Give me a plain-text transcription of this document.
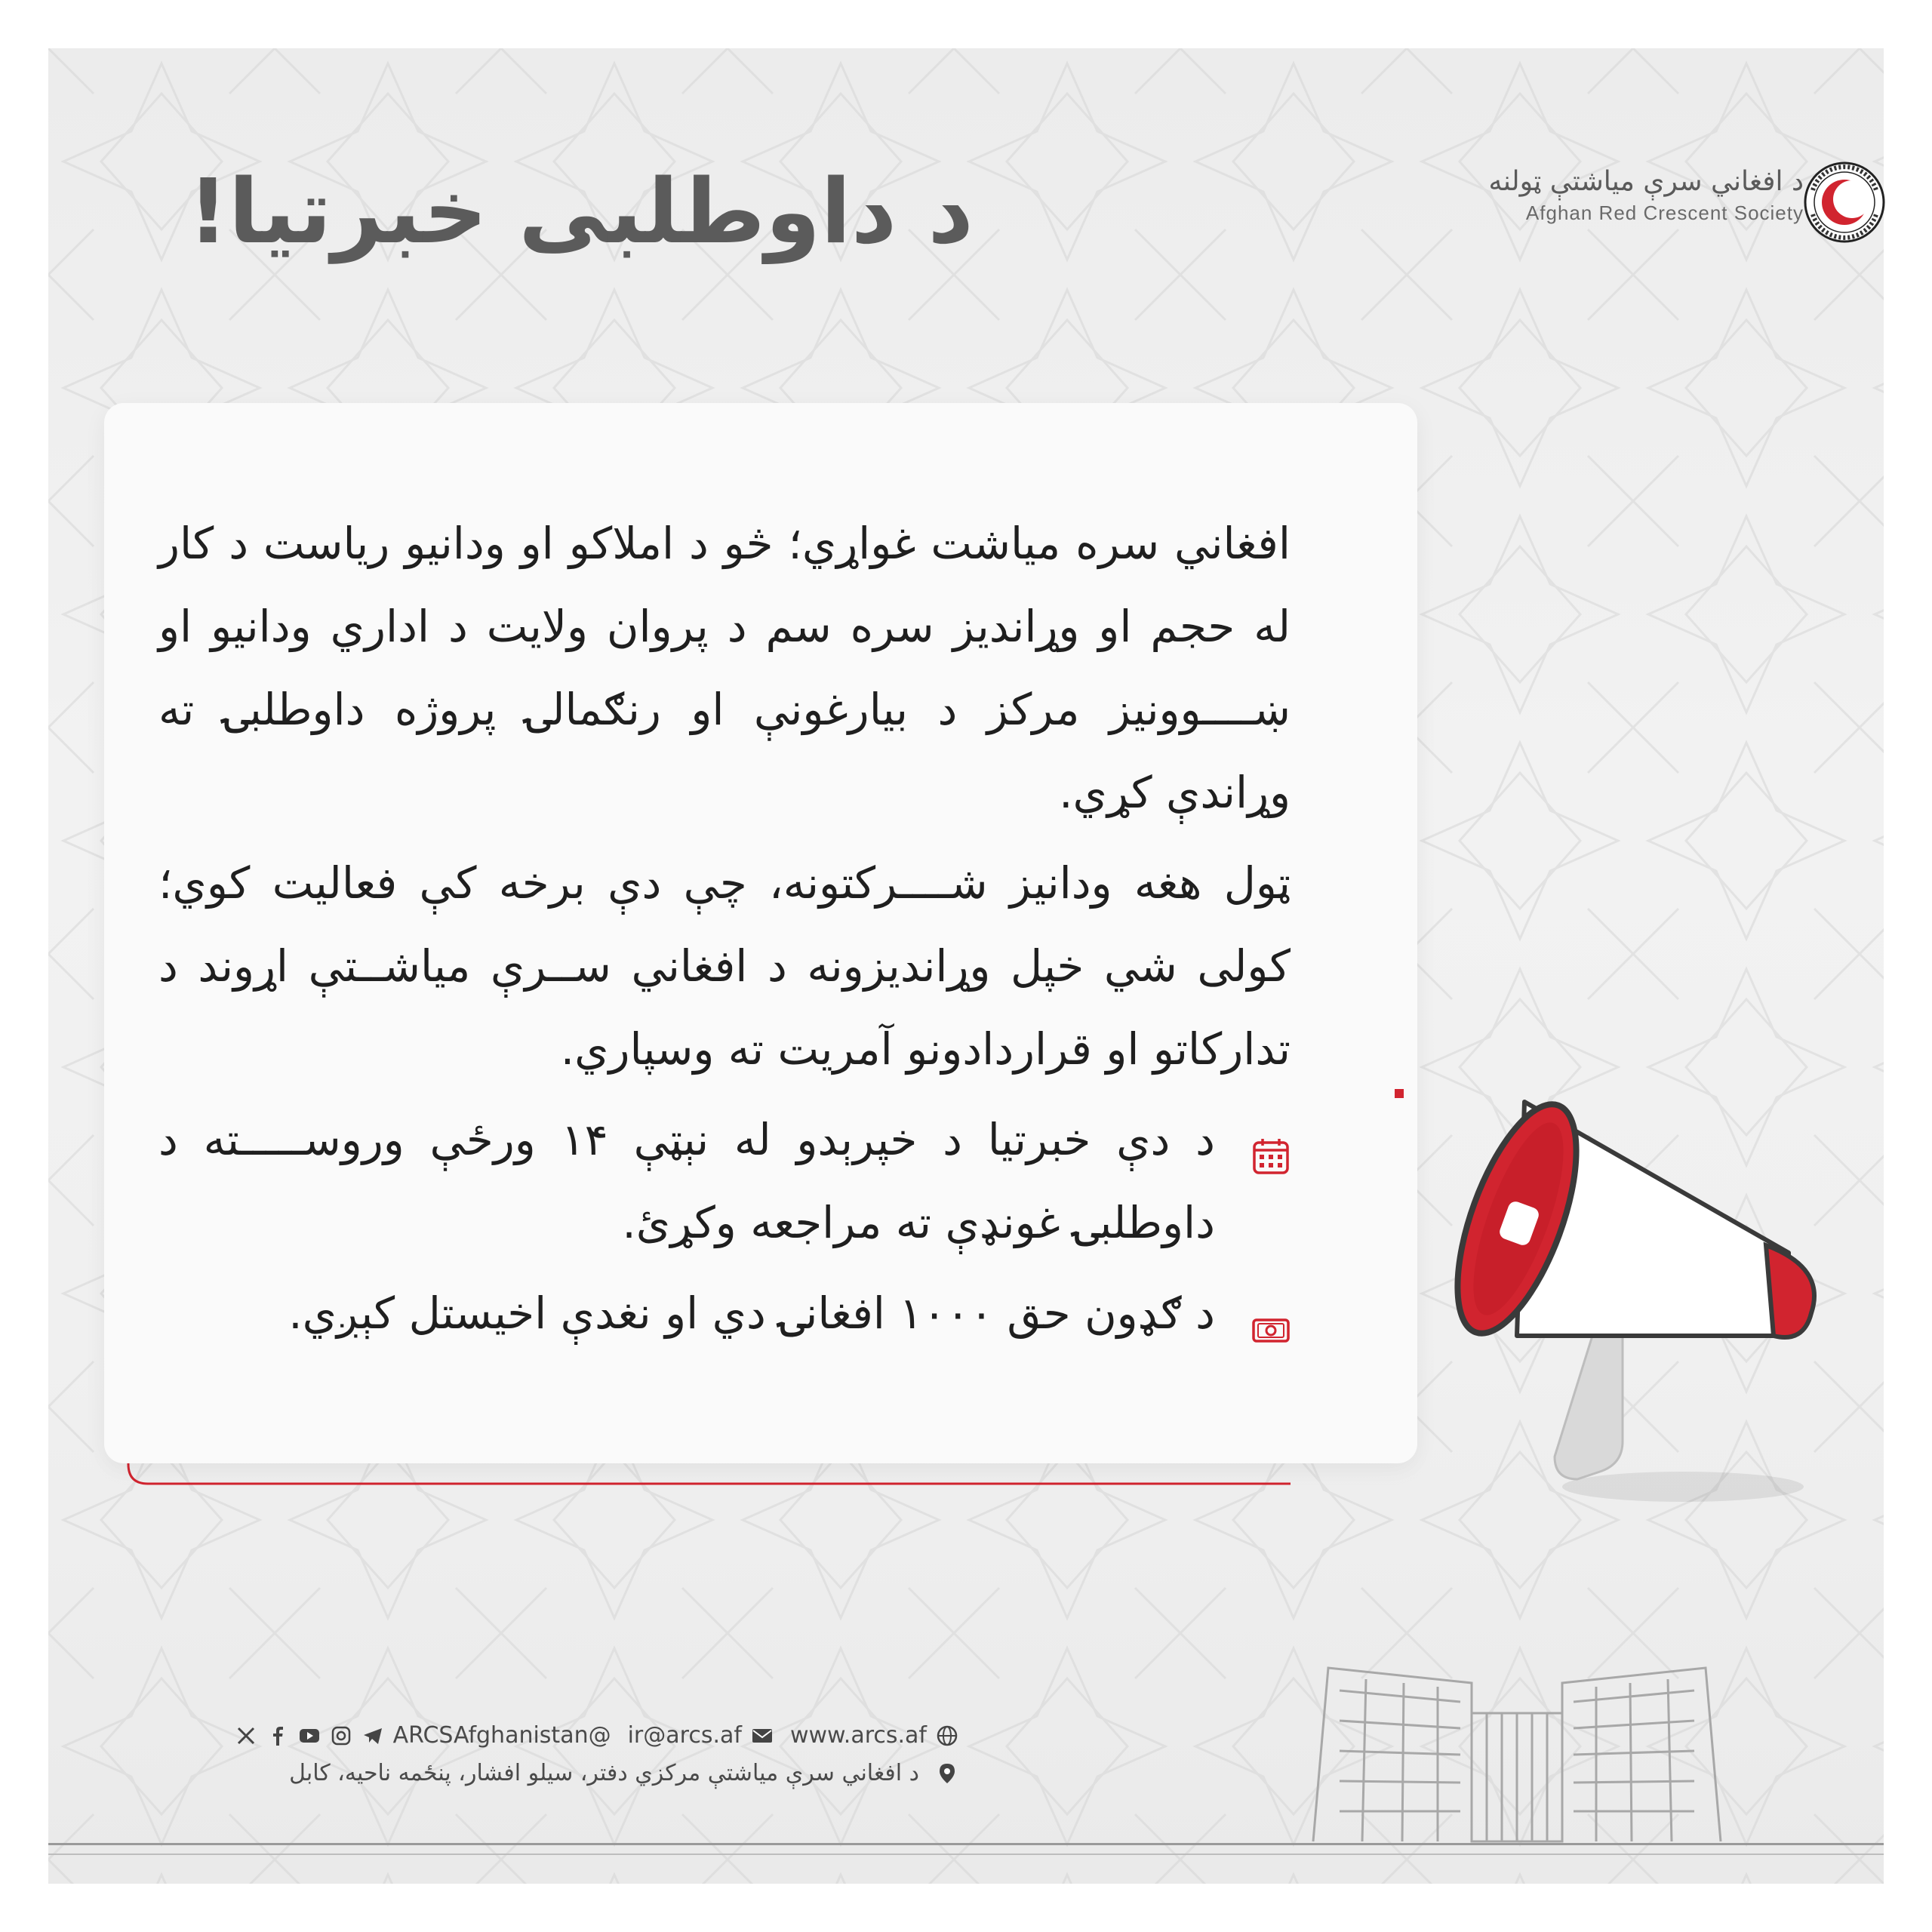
د داوطلبی خبرتیا!	د افغاني سرې میاشتې ټولنه
Afghan Red Crescent Society

افغاني سره میاشت غواړي؛ څو د املاکو او ودانیو ریاست د کار له حجم او وړاندیز سره سم د پروان ولایت د اداري ودانیو او ښــــوونیز مرکز د بیارغونې او رنګمالۍ پروژه داوطلبۍ ته وړاندې کړي.

ټول هغه ودانیز شــــرکتونه، چې دې برخه کې فعالیت کوي؛ کولی شي خپل وړاندیزونه د افغاني ســرې میاشــتې اړوند د تدارکاتو او قراردادونو آمریت ته وسپاري.

د دې خبرتیا د خپرېدو له نېټې ۱۴ ورځې وروســـــته د داوطلبۍ غونډې ته مراجعه وکړئ.
د ګډون حق ۱۰۰۰ افغانۍ دي او نغدې اخیستل کېږي.
www.arcs.af
ir@arcs.af
@ARCSAfghanistan
د افغاني سرې میاشتې مرکزي دفتر، سیلو افشار، پنځمه ناحیه، کابل
